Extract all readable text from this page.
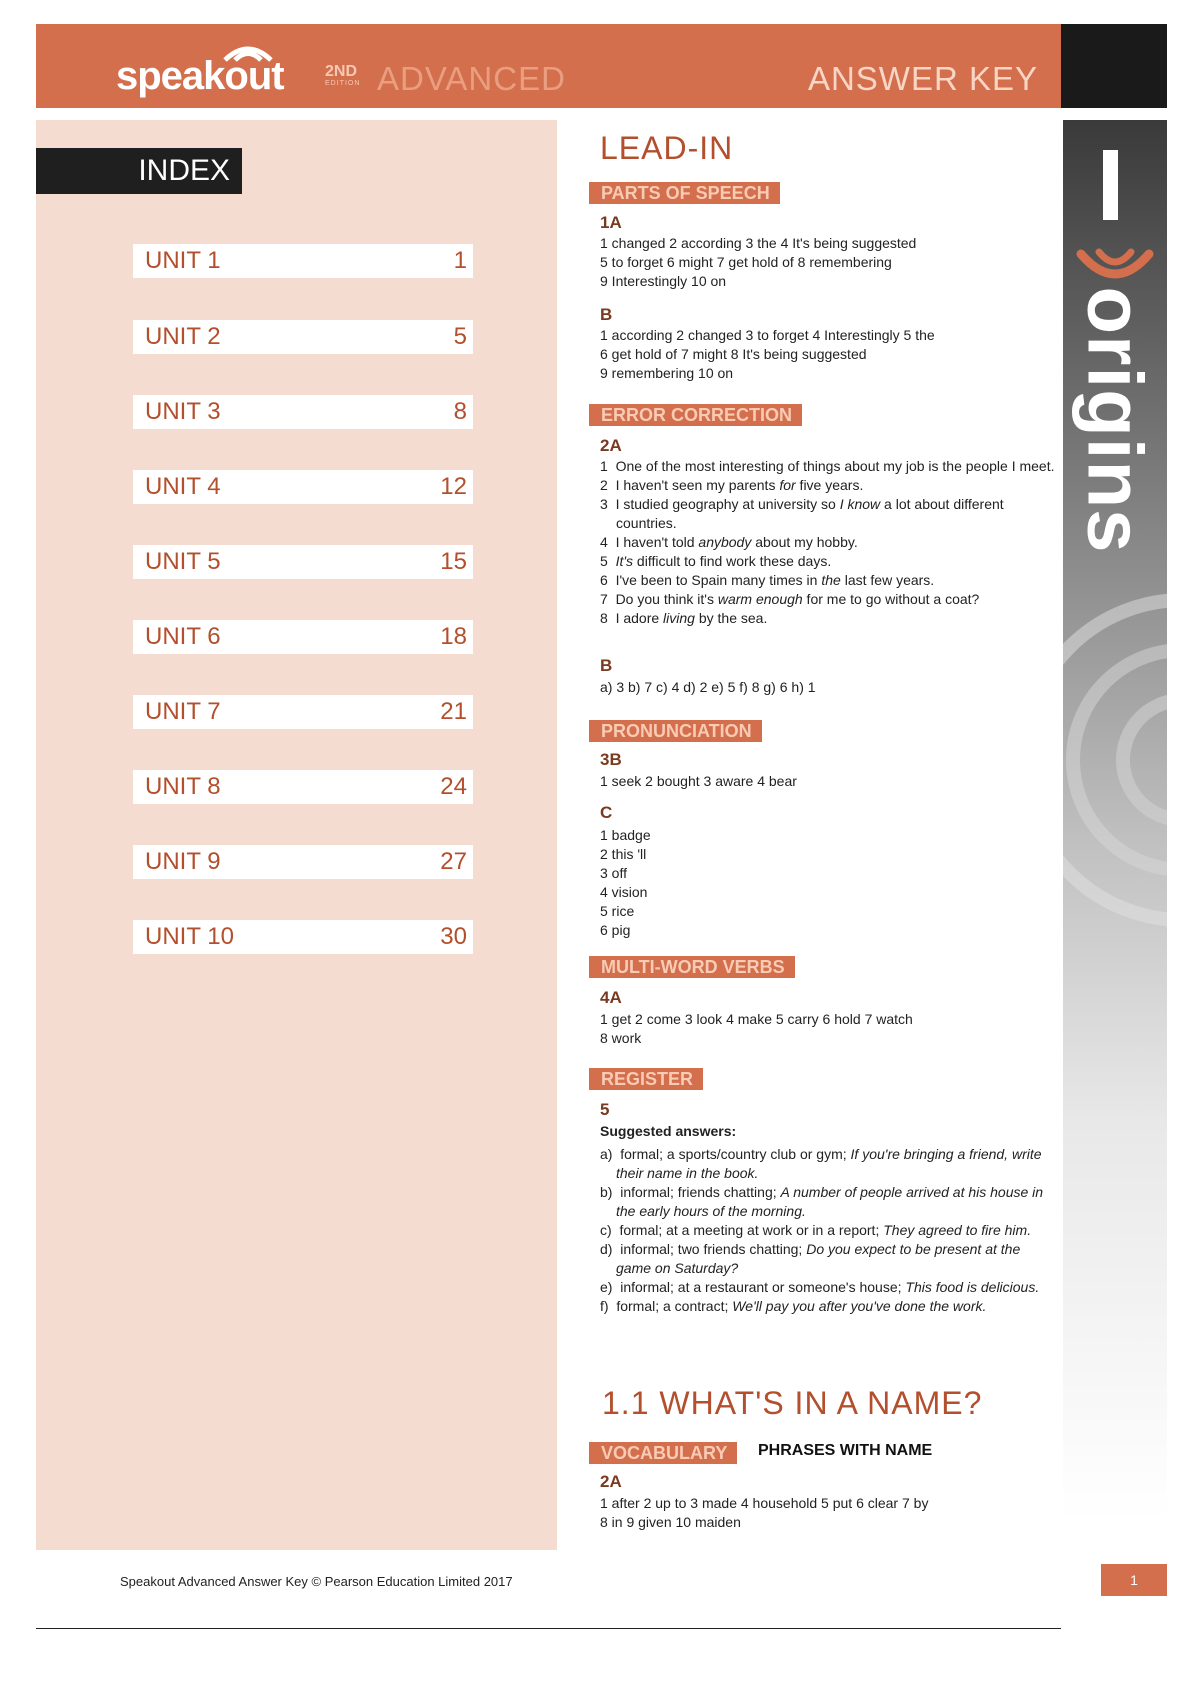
speakout	2ND
EDITION ADVANCED	ANSWER KEY
INDEX
UNIT 1	1
UNIT 2	5
UNIT 3	8
UNIT 4	12
UNIT 5	15
UNIT 6	18
UNIT 7	21
UNIT 8	24
UNIT 9	27
UNIT 10	30
origins
LEAD-IN
PARTS OF SPEECH
1A
1 changed 2 according 3 the 4 It's being suggested
5 to forget 6 might 7 get hold of 8 remembering
9 Interestingly 10 on
B
1 according 2 changed 3 to forget 4 Interestingly 5 the
6 get hold of 7 might 8 It's being suggested
9 remembering 10 on
ERROR CORRECTION
2A
1  One of the most interesting of things about my job is the people I meet.
2  I haven't seen my parents for five years.
3  I studied geography at university so I know a lot about different countries.
4  I haven't told anybody about my hobby.
5  It's difficult to find work these days.
6  I've been to Spain many times in the last few years.
7  Do you think it's warm enough for me to go without a coat?
8  I adore living by the sea.
B
a) 3 b) 7 c) 4 d) 2 e) 5 f) 8 g) 6 h) 1
PRONUNCIATION
3B
1 seek 2 bought 3 aware 4 bear
C
1 badge
2 this 'll
3 off
4 vision
5 rice
6 pig
MULTI-WORD VERBS
4A
1 get 2 come 3 look 4 make 5 carry 6 hold 7 watch
8 work
REGISTER
5
Suggested answers:
a)  formal; a sports/country club or gym; If you're bringing a friend, write their name in the book.
b)  informal; friends chatting; A number of people arrived at his house in the early hours of the morning.
c)  formal; at a meeting at work or in a report; They agreed to fire him.
d)  informal; two friends chatting; Do you expect to be present at the game on Saturday?
e)  informal; at a restaurant or someone's house; This food is delicious.
f)  formal; a contract; We'll pay you after you've done the work.
1.1 WHAT'S IN A NAME?
VOCABULARY	PHRASES WITH NAME
2A
1 after 2 up to 3 made 4 household 5 put 6 clear 7 by
8 in 9 given 10 maiden
Speakout Advanced Answer Key © Pearson Education Limited 2017	1
